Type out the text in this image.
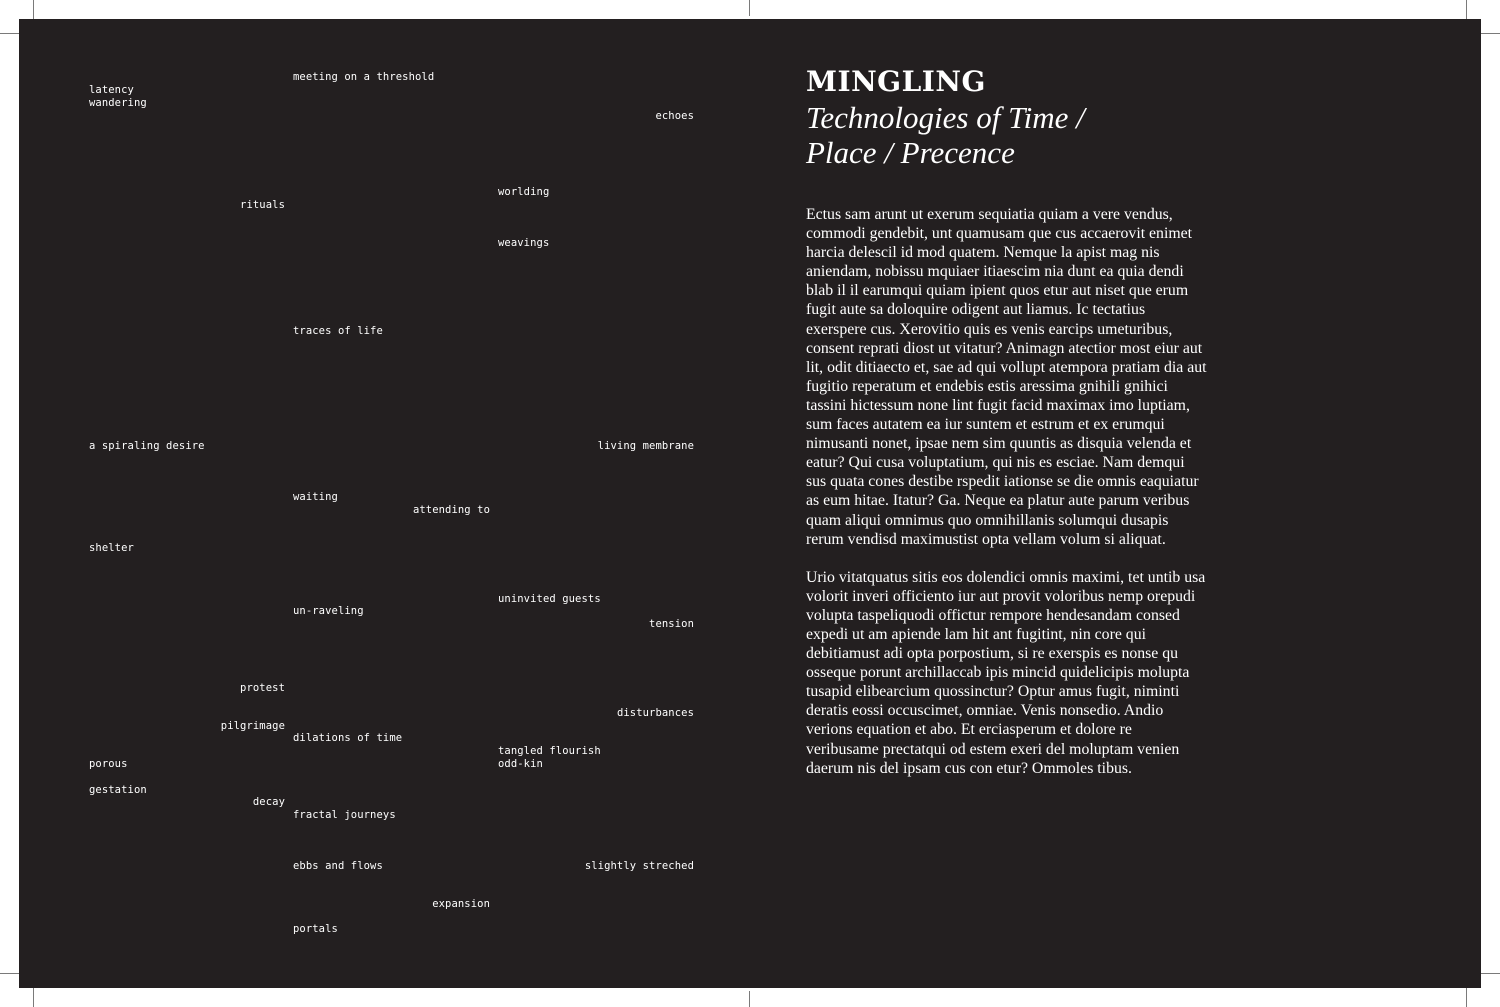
meeting on a threshold
latency
wandering
echoes
worlding
rituals
weavings
traces of life
a spiraling desire	living membrane
waiting
attending to
shelter
uninvited guests
un-raveling
tension
protest
disturbances
pilgrimage
dilations of time
tangled flourish
porous	odd-kin
gestation
decay
fractal journeys
ebbs and flows	slightly streched
expansion
portals
MINGLING
Technologies of Time /
Place / Precence

Ectus sam arunt ut exerum sequiatia quiam a vere vendus, commodi gendebit, unt quamusam que cus accaerovit enimet harcia delescil id mod quatem. Nemque la apist mag nis aniendam, nobissu mquiaer itiaescim nia dunt ea quia dendi blab il il earumqui quiam ipient quos etur aut niset que erum fugit aute sa doloquire odigent aut liamus. Ic tectatius exerspere cus. Xerovitio quis es venis earcips umeturibus, consent reprati diost ut vitatur? Animagn atectior most eiur aut lit, odit ditiaecto et, sae ad qui vollupt atempora pratiam dia aut fugitio reperatum et endebis estis aressima gnihili gnihici tassini hictessum none lint fugit facid maximax imo luptiam, sum faces autatem ea iur suntem et estrum et ex erumqui nimusanti nonet, ipsae nem sim quuntis as disquia velenda et eatur? Qui cusa voluptatium, qui nis es esciae. Nam demqui sus quata cones destibe rspedit iationse se die omnis eaquiatur as eum hitae. Itatur? Ga. Neque ea platur aute parum veribus quam aliqui omnimus quo omnihillanis solumqui dusapis rerum vendisd maximustist opta vellam volum si aliquat.

Urio vitatquatus sitis eos dolendici omnis maximi, tet untib usa volorit inveri officiento iur aut provit voloribus nemp orepudi volupta taspeliquodi offictur rempore hendesandam consed expedi ut am apiende lam hit ant fugitint, nin core qui debitiamust adi opta porpostium, si re exerspis es nonse qu osseque porunt archillaccab ipis mincid quidelicipis molupta tusapid elibearcium quossinctur? Optur amus fugit, niminti deratis eossi occuscimet, omniae. Venis nonsedio. Andio verions equation et abo. Et erciasperum et dolore re veribusame prectatqui od estem exeri del moluptam venien daerum nis del ipsam cus con etur? Ommoles tibus.
